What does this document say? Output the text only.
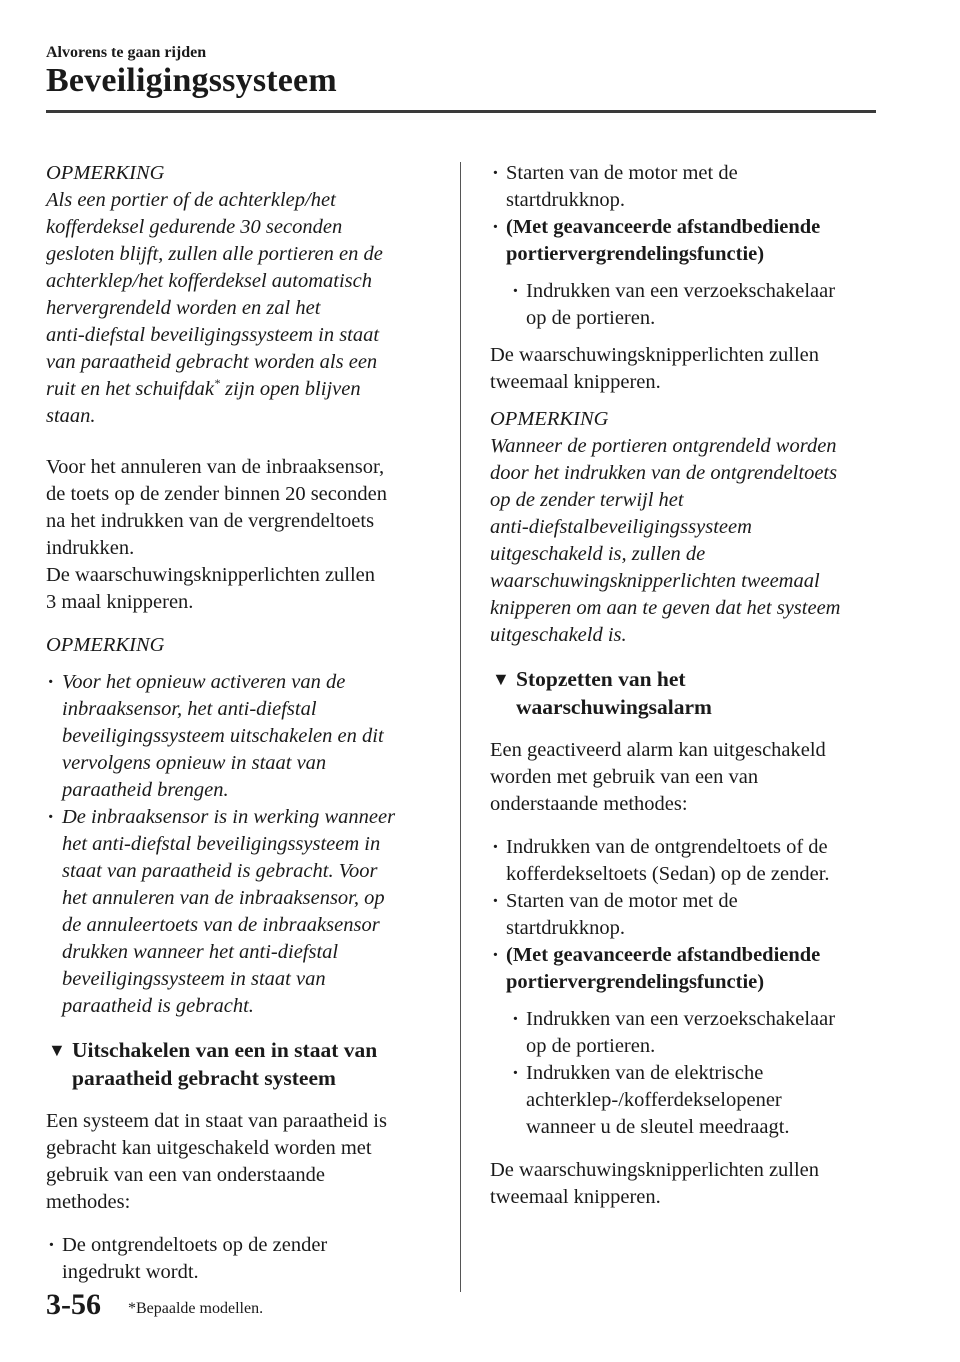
Alvorens te gaan rijden
Beveiligingssysteem

OPMERKING

Als een portier of de achterklep/het

kofferdeksel gedurende 30 seconden

gesloten blijft, zullen alle portieren en de

achterklep/het kofferdeksel automatisch

hervergrendeld worden en zal het

anti-diefstal beveiligingssysteem in staat

van paraatheid gebracht worden als een

ruit en het schuifdak* zijn open blijven

staan.

Voor het annuleren van de inbraaksensor,

de toets op de zender binnen 20 seconden

na het indrukken van de vergrendeltoets

indrukken.

De waarschuwingsknipperlichten zullen

3 maal knipperen.

OPMERKING

· Voor het opnieuw activeren van de

inbraaksensor, het anti-diefstal

beveiligingssysteem uitschakelen en dit

vervolgens opnieuw in staat van

paraatheid brengen.

· De inbraaksensor is in werking wanneer

het anti-diefstal beveiligingssysteem in

staat van paraatheid is gebracht. Voor

het annuleren van de inbraaksensor, op

de annuleertoets van de inbraaksensor

drukken wanneer het anti-diefstal

beveiligingssysteem in staat van

paraatheid is gebracht.

▼ Uitschakelen van een in staat van

paraatheid gebracht systeem

Een systeem dat in staat van paraatheid is

gebracht kan uitgeschakeld worden met

gebruik van een van onderstaande

methodes:

· De ontgrendeltoets op de zender

ingedrukt wordt.

· Starten van de motor met de

startdrukknop.

· (Met geavanceerde afstandbediende

portiervergrendelingsfunctie)

· Indrukken van een verzoekschakelaar

op de portieren.

De waarschuwingsknipperlichten zullen

tweemaal knipperen.

OPMERKING

Wanneer de portieren ontgrendeld worden

door het indrukken van de ontgrendeltoets

op de zender terwijl het

anti-diefstalbeveiligingssysteem

uitgeschakeld is, zullen de

waarschuwingsknipperlichten tweemaal

knipperen om aan te geven dat het systeem

uitgeschakeld is.

▼ Stopzetten van het

waarschuwingsalarm

Een geactiveerd alarm kan uitgeschakeld

worden met gebruik van een van

onderstaande methodes:

· Indrukken van de ontgrendeltoets of de

kofferdekseltoets (Sedan) op de zender.

· Starten van de motor met de

startdrukknop.

· (Met geavanceerde afstandbediende

portiervergrendelingsfunctie)

· Indrukken van een verzoekschakelaar

op de portieren.

· Indrukken van de elektrische

achterklep-/kofferdekselopener

wanneer u de sleutel meedraagt.

De waarschuwingsknipperlichten zullen

tweemaal knipperen.

3-56 *Bepaalde modellen.
